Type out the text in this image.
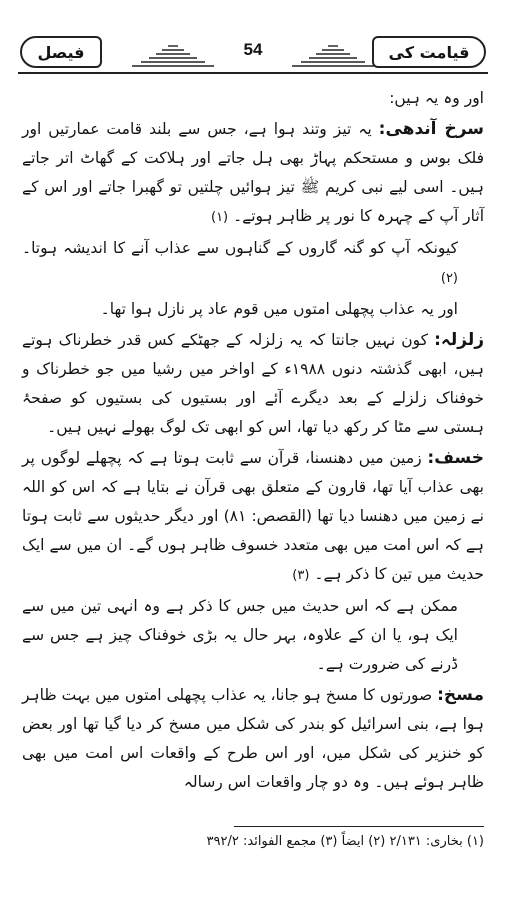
قیامت کی
54
فیصل

اور وہ یہ ہیں:

سرخ آندھی: یہ تیز وتند ہوا ہے، جس سے بلند قامت عمارتیں اور فلک بوس و مستحکم پہاڑ بھی ہل جاتے اور ہلاکت کے گھاٹ اتر جاتے ہیں۔ اسی لیے نبی کریم ﷺ تیز ہوائیں چلتیں تو گھبرا جاتے اور اس کے آثار آپ کے چہرہ کا نور پر ظاہر ہوتے۔ (۱)

کیونکہ آپ کو گنہ گاروں کے گناہوں سے عذاب آنے کا اندیشہ ہوتا۔ (۲)

اور یہ عذاب پچھلی امتوں میں قوم عاد پر نازل ہوا تھا۔

زلزلہ: کون نہیں جانتا کہ یہ زلزلہ کے جھٹکے کس قدر خطرناک ہوتے ہیں، ابھی گذشتہ دنوں ۱۹۸۸ء کے اواخر میں رشیا میں جو خطرناک و خوفناک زلزلے کے بعد دیگرے آئے اور بستیوں کی بستیوں کو صفحۂ ہستی سے مٹا کر رکھ دیا تھا، اس کو ابھی تک لوگ بھولے نہیں ہیں۔

خسف: زمین میں دھنسنا، قرآن سے ثابت ہوتا ہے کہ پچھلے لوگوں پر بھی عذاب آیا تھا، قارون کے متعلق بھی قرآن نے بتایا ہے کہ اس کو اللہ نے زمین میں دھنسا دیا تھا (القصص: ۸۱) اور دیگر حدیثوں سے ثابت ہوتا ہے کہ اس امت میں بھی متعدد خسوف ظاہر ہوں گے۔ ان میں سے ایک حدیث میں تین کا ذکر ہے۔ (۳)

ممکن ہے کہ اس حدیث میں جس کا ذکر ہے وہ انہی تین میں سے ایک ہو، یا ان کے علاوہ، بہر حال یہ بڑی خوفناک چیز ہے جس سے ڈرنے کی ضرورت ہے۔

مسخ: صورتوں کا مسخ ہو جانا، یہ عذاب پچھلی امتوں میں بہت ظاہر ہوا ہے، بنی اسرائیل کو بندر کی شکل میں مسخ کر دیا گیا تھا اور بعض کو خنزیر کی شکل میں، اور اس طرح کے واقعات اس امت میں بھی ظاہر ہوئے ہیں۔ وہ دو چار واقعات اس رسالہ

(۱) بخاری: ۲/۱۳۱ (۲) ایضاً (۳) مجمع الفوائد: ۳۹۲/۲
